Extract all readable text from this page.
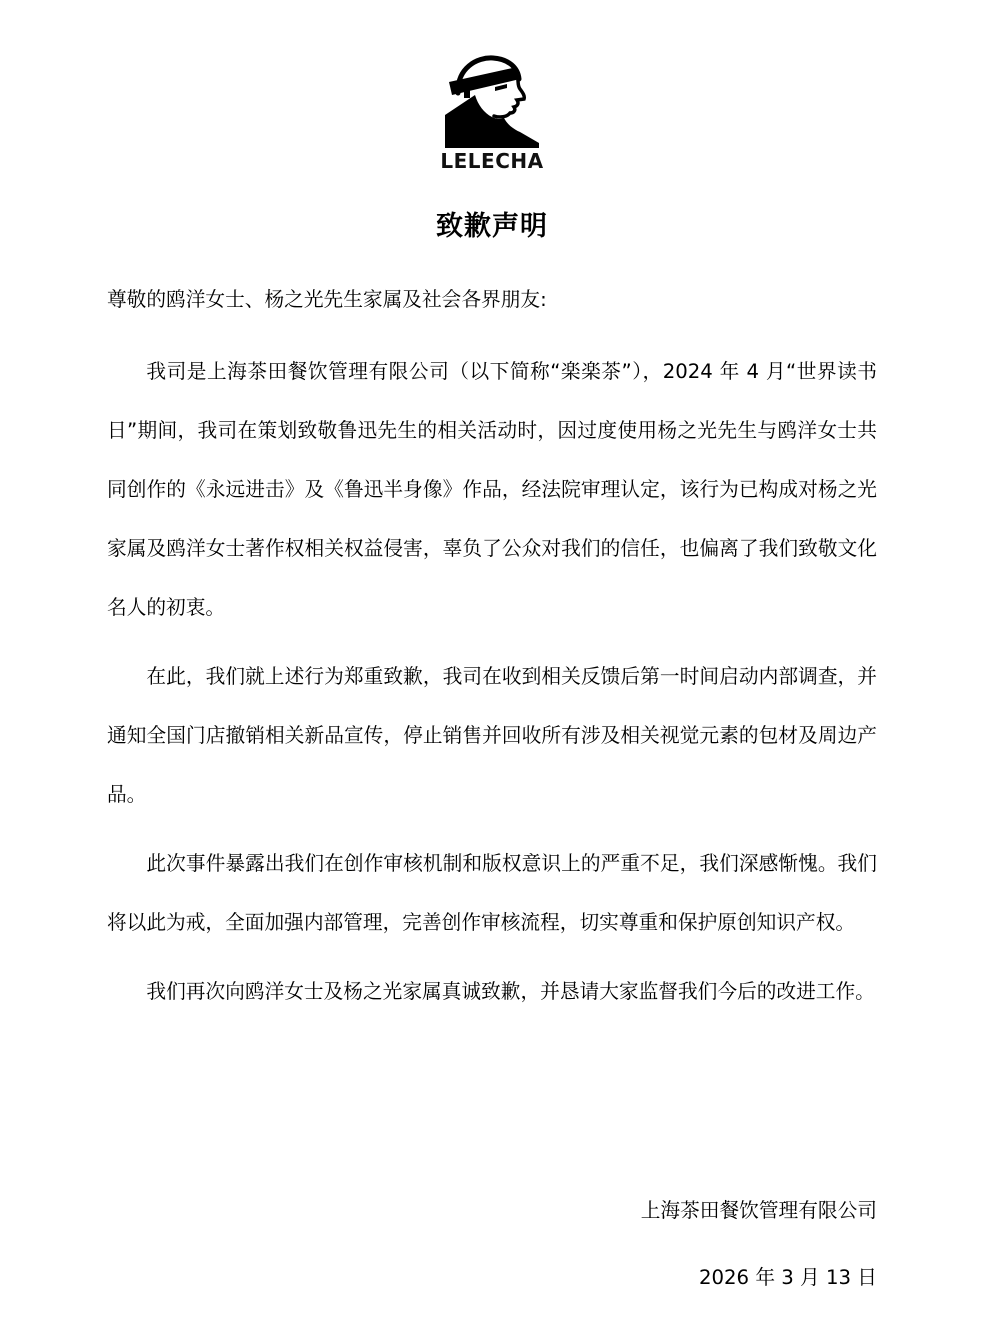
LELECHA
致歉声明

尊敬的鸥洋女士、杨之光先生家属及社会各界朋友:

我司是上海茶田餐饮管理有限公司（以下简称“楽楽茶”），2024 年 4 月“世界读书日”期间，我司在策划致敬鲁迅先生的相关活动时，因过度使用杨之光先生与鸥洋女士共同创作的《永远进击》及《鲁迅半身像》作品，经法院审理认定，该行为已构成对杨之光家属及鸥洋女士著作权相关权益侵害，辜负了公众对我们的信任，也偏离了我们致敬文化名人的初衷。

在此，我们就上述行为郑重致歉，我司在收到相关反馈后第一时间启动内部调查，并通知全国门店撤销相关新品宣传，停止销售并回收所有涉及相关视觉元素的包材及周边产品。

此次事件暴露出我们在创作审核机制和版权意识上的严重不足，我们深感惭愧。我们将以此为戒，全面加强内部管理，完善创作审核流程，切实尊重和保护原创知识产权。

我们再次向鸥洋女士及杨之光家属真诚致歉，并恳请大家监督我们今后的改进工作。

上海茶田餐饮管理有限公司
2026 年 3 月 13 日
